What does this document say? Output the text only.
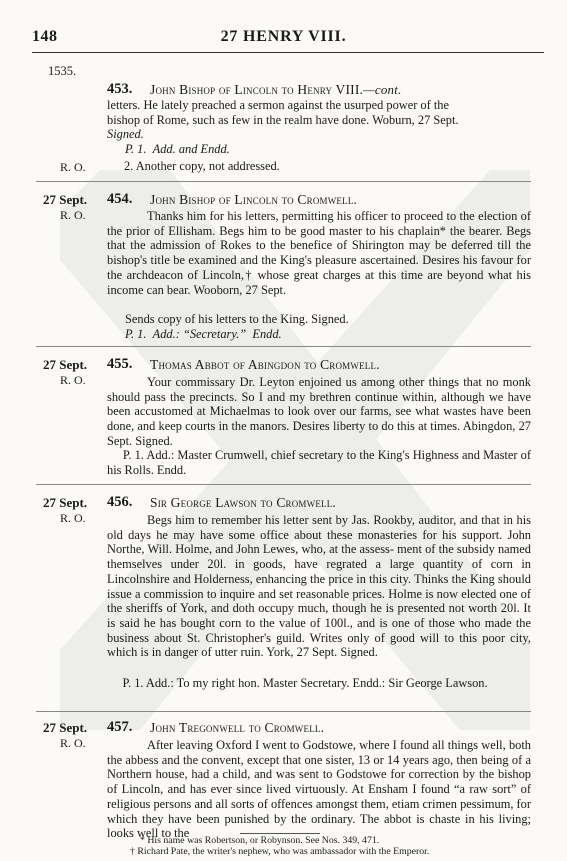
148	27 HENRY VIII.
1535.
453. John Bishop of Lincoln to Henry VIII.—cont.

letters. He lately preached a sermon against the usurped power of the
bishop of Rome, such as few in the realm have done. Woburn, 27 Sept.
Signed.

P. 1. Add. and Endd.

R. O.	2. Another copy, not addressed.

27 Sept.
R. O.
454. John Bishop of Lincoln to Cromwell.

Thanks him for his letters, permitting his officer to proceed to the election of the prior of Ellisham. Begs him to be good master to his chaplain* the bearer. Begs that the admission of Rokes to the benefice of Shirington may be deferred till the bishop's title be examined and the King's pleasure ascertained. Desires his favour for the archdeacon of Lincoln,† whose great charges at this time are beyond what his income can bear. Wooborn, 27 Sept.

Sends copy of his letters to the King. Signed.

P. 1. Add.: “Secretary.” Endd.

27 Sept.
R. O.
455. Thomas Abbot of Abingdon to Cromwell.

Your commissary Dr. Leyton enjoined us among other things that no monk should pass the precincts. So I and my brethren continue within, although we have been accustomed at Michaelmas to look over our farms, see what wastes have been done, and keep courts in the manors. Desires liberty to do this at times. Abingdon, 27 Sept. Signed.

P. 1. Add.: Master Crumwell, chief secretary to the King's Highness and Master of his Rolls. Endd.

27 Sept.
R. O.
456. Sir George Lawson to Cromwell.

Begs him to remember his letter sent by Jas. Rookby, auditor, and that in his old days he may have some office about these monasteries for his support. John Northe, Will. Holme, and John Lewes, who, at the assess- ment of the subsidy named themselves under 20l. in goods, have regrated a large quantity of corn in Lincolnshire and Holderness, enhancing the price in this city. Thinks the King should issue a commission to inquire and set reasonable prices. Holme is now elected one of the sheriffs of York, and doth occupy much, though he is presented not worth 20l. It is said he has bought corn to the value of 100l., and is one of those who made the business about St. Christopher's guild. Writes only of good will to this poor city, which is in danger of utter ruin. York, 27 Sept. Signed.

P. 1. Add.: To my right hon. Master Secretary. Endd.: Sir George Lawson.

27 Sept.
R. O.
457. John Tregonwell to Cromwell.

After leaving Oxford I went to Godstowe, where I found all things well, both the abbess and the convent, except that one sister, 13 or 14 years ago, then being of a Northern house, had a child, and was sent to Godstowe for correction by the bishop of Lincoln, and has ever since lived virtuously. At Ensham I found “a raw sort” of religious persons and all sorts of offences amongst them, etiam crimen pessimum, for which they have been punished by the ordinary. The abbot is chaste in his living; looks well to the

* His name was Robertson, or Robynson. See Nos. 349, 471.
† Richard Pate, the writer's nephew, who was ambassador with the Emperor.
